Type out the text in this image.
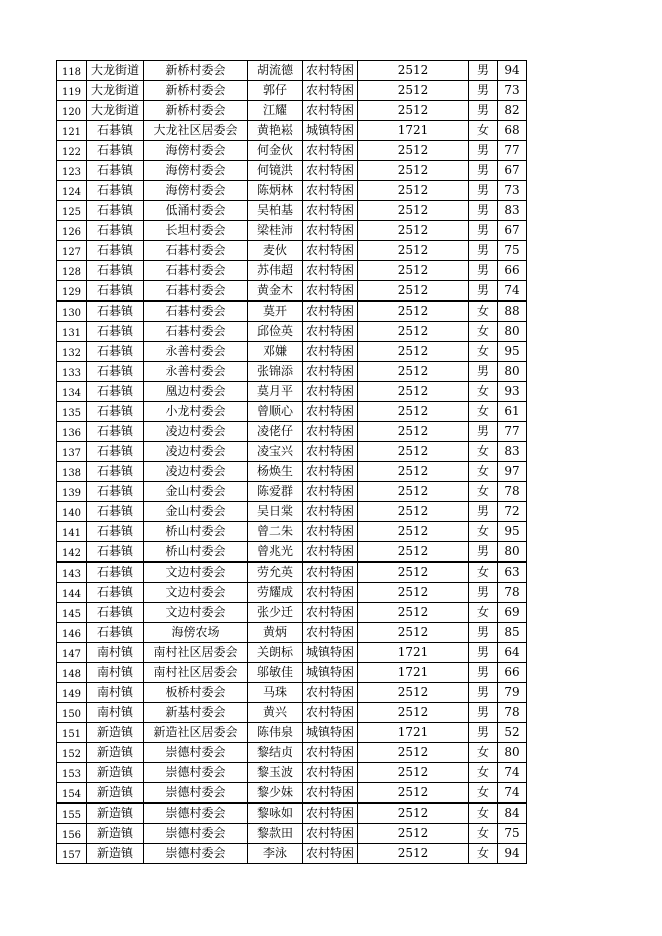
118	大龙街道	新桥村委会	胡流德	农村特困	2512	男	94
119	大龙街道	新桥村委会	郭仔	农村特困	2512	男	73
120	大龙街道	新桥村委会	江耀	农村特困	2512	男	82
121	石碁镇	大龙社区居委会	黄艳崧	城镇特困	1721	女	68
122	石碁镇	海傍村委会	何金伙	农村特困	2512	男	77
123	石碁镇	海傍村委会	何镜洪	农村特困	2512	男	67
124	石碁镇	海傍村委会	陈炳林	农村特困	2512	男	73
125	石碁镇	低涌村委会	吴柏基	农村特困	2512	男	83
126	石碁镇	长坦村委会	梁桂沛	农村特困	2512	男	67
127	石碁镇	石碁村委会	麦伙	农村特困	2512	男	75
128	石碁镇	石碁村委会	苏伟超	农村特困	2512	男	66
129	石碁镇	石碁村委会	黄金木	农村特困	2512	男	74
130	石碁镇	石碁村委会	莫开	农村特困	2512	女	88
131	石碁镇	石碁村委会	邱俭英	农村特困	2512	女	80
132	石碁镇	永善村委会	邓嫌	农村特困	2512	女	95
133	石碁镇	永善村委会	张锦添	农村特困	2512	男	80
134	石碁镇	凰边村委会	莫月平	农村特困	2512	女	93
135	石碁镇	小龙村委会	曾顺心	农村特困	2512	女	61
136	石碁镇	凌边村委会	凌佬仔	农村特困	2512	男	77
137	石碁镇	凌边村委会	凌宝兴	农村特困	2512	女	83
138	石碁镇	凌边村委会	杨焕生	农村特困	2512	女	97
139	石碁镇	金山村委会	陈爱群	农村特困	2512	女	78
140	石碁镇	金山村委会	吴日棠	农村特困	2512	男	72
141	石碁镇	桥山村委会	曾二朱	农村特困	2512	女	95
142	石碁镇	桥山村委会	曾兆光	农村特困	2512	男	80
143	石碁镇	文边村委会	劳允英	农村特困	2512	女	63
144	石碁镇	文边村委会	劳耀成	农村特困	2512	男	78
145	石碁镇	文边村委会	张少迁	农村特困	2512	女	69
146	石碁镇	海傍农场	黄炳	农村特困	2512	男	85
147	南村镇	南村社区居委会	关朗标	城镇特困	1721	男	64
148	南村镇	南村社区居委会	邬敏佳	城镇特困	1721	男	66
149	南村镇	板桥村委会	马珠	农村特困	2512	男	79
150	南村镇	新基村委会	黄兴	农村特困	2512	男	78
151	新造镇	新造社区居委会	陈伟泉	城镇特困	1721	男	52
152	新造镇	崇德村委会	黎结贞	农村特困	2512	女	80
153	新造镇	崇德村委会	黎玉波	农村特困	2512	女	74
154	新造镇	崇德村委会	黎少妹	农村特困	2512	女	74
155	新造镇	崇德村委会	黎咏如	农村特困	2512	女	84
156	新造镇	崇德村委会	黎款田	农村特困	2512	女	75
157	新造镇	崇德村委会	李泳	农村特困	2512	女	94
